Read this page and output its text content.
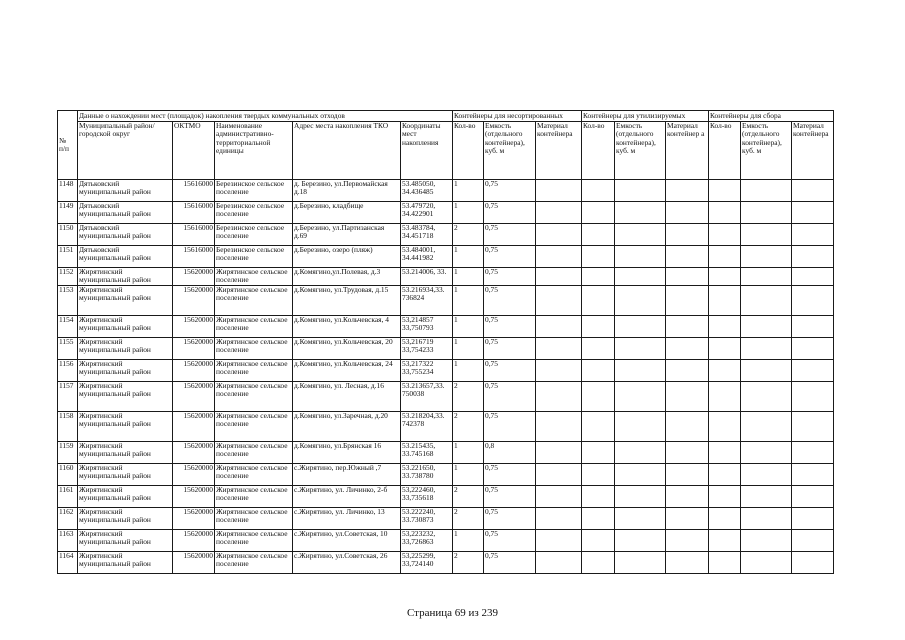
№
п/п	Данные о нахождении мест (площадок) накопления твердых коммунальных отходов					Контейнеры для несортированных			Контейнеры для утилизируемых			Контейнеры для сбора		
	Муниципальный район/городской округ	ОКТМО	Наименование административно-территориальной единицы	Адрес места накопления ТКО	Координаты мест накопления	Кол-во	Емкость (отдельного контейнера), куб. м	Материал контейнера	Кол-во	Емкость (отдельного контейнера), куб. м	Материал контейнер а	Кол-во	Емкость (отдельного контейнера), куб. м	Материал контейнера
1148	Дятьковский муниципальный район	15616000	Березинское сельское поселение	д. Березино, ул.Первомайская д.18	53.485050, 34.436485	1	0,75							
1149	Дятьковский муниципальный район	15616000	Березинское сельское поселение	д.Березино, кладбище	53.479720, 34.422901	1	0,75							
1150	Дятьковский муниципальный район	15616000	Березинское сельское поселение	д.Березино, ул.Партизанская д.69	53.483784, 34.451718	2	0,75							
1151	Дятьковский муниципальный район	15616000	Березинское сельское поселение	д.Березино, озеро (пляж)	53.484001, 34.441982	1	0,75							
1152	Жирятинский муниципальный район	15620000	Жирятинское сельское поселение	д.Комягино,ул.Полевая, д.3	53.214006, 33.	1	0,75							
1153	Жирятинский муниципальный район	15620000	Жирятинское сельское поселение	д.Комягино, ул.Трудовая, д.15	53.216934,33. 736824	1	0,75							
1154	Жирятинский муниципальный район	15620000	Жирятинское сельское поселение	д.Комягино, ул.Кольчевская, 4	53,214857 33,750793	1	0,75							
1155	Жирятинский муниципальный район	15620000	Жирятинское сельское поселение	д.Комягино, ул.Кольчевская, 20	53,216719 33,754233	1	0,75							
1156	Жирятинский муниципальный район	15620000	Жирятинское сельское поселение	д.Комягино, ул.Кольчевская, 24	53,217322 33,755234	1	0,75							
1157	Жирятинский муниципальный район	15620000	Жирятинское сельское поселение	д.Комягино, ул. Лесная, д.16	53.213657,33. 750038	2	0,75							
1158	Жирятинский муниципальный район	15620000	Жирятинское сельское поселение	д.Комягино, ул.Заречная, д.20	53.218204,33. 742378	2	0,75							
1159	Жирятинский муниципальный район	15620000	Жирятинское сельское поселение	д.Комягино, ул.Брянская 16	53.215435, 33.745168	1	0,8							
1160	Жирятинский муниципальный район	15620000	Жирятинское сельское поселение	с.Жирятино, пер.Южный ,7	53.221650, 33.738780	1	0,75							
1161	Жирятинский муниципальный район	15620000	Жирятинское сельское поселение	с.Жирятино, ул. Личинко, 2-б	53,222460, 33,735618	2	0,75							
1162	Жирятинский муниципальный район	15620000	Жирятинское сельское поселение	с.Жирятино, ул. Личинко, 13	53.222240, 33.730873	2	0,75							
1163	Жирятинский муниципальный район	15620000	Жирятинское сельское поселение	с.Жирятино, ул.Советская, 10	53,223232, 33,726863	1	0,75							
1164	Жирятинский муниципальный район	15620000	Жирятинское сельское поселение	с.Жирятино, ул.Советская, 26	53,225299, 33,724140	2	0,75							
Страница 69 из 239
